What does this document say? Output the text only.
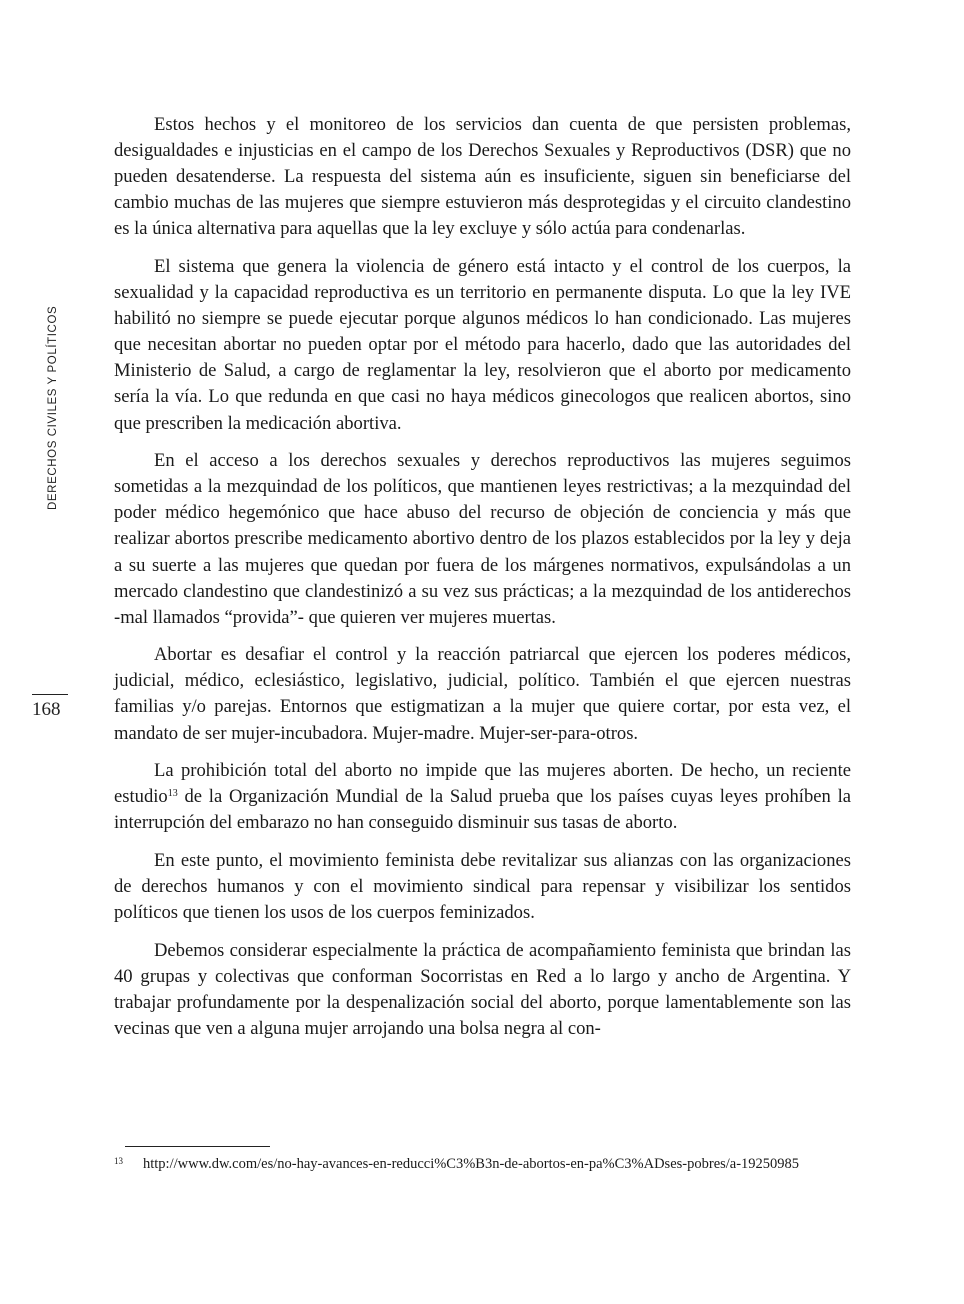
DERECHOS CIVILES Y POLÍTICOS
168

Estos hechos y el monitoreo de los servicios dan cuenta de que persisten problemas, desigualdades e injusticias en el campo de los Derechos Sexuales y Reproductivos (DSR) que no pueden desatenderse. La respuesta del sistema aún es insuficiente, siguen sin beneficiarse del cambio muchas de las mujeres que siempre estuvieron más desprotegidas y el circuito clandestino es la única alternativa para aquellas que la ley excluye y sólo actúa para condenarlas.

El sistema que genera la violencia de género está intacto y el control de los cuerpos, la sexualidad y la capacidad reproductiva es un territorio en permanente disputa. Lo que la ley IVE habilitó no siempre se puede ejecutar porque algunos médicos lo han condicionado. Las mujeres que necesitan abortar no pueden optar por el método para hacerlo, dado que las autoridades del Ministerio de Salud, a cargo de reglamentar la ley, resolvieron que el aborto por medicamento sería la vía. Lo que redunda en que casi no haya médicos ginecologos que realicen abortos, sino que prescriben la medicación abortiva.

En el acceso a los derechos sexuales y derechos reproductivos las mujeres seguimos sometidas a la mezquindad de los políticos, que mantienen leyes restrictivas; a la mezquindad del poder médico hegemónico que hace abuso del recurso de objeción de conciencia y más que realizar abortos prescribe medicamento abortivo dentro de los plazos establecidos por la ley y deja a su suerte a las mujeres que quedan por fuera de los márgenes normativos, expulsándolas a un mercado clandestino que clandestinizó a su vez sus prácticas; a la mezquindad de los antiderechos -mal llamados “provida”- que quieren ver mujeres muertas.

Abortar es desafiar el control y la reacción patriarcal que ejercen los poderes médicos, judicial, médico, eclesiástico, legislativo, judicial, político. También el que ejercen nuestras familias y/o parejas. Entornos que estigmatizan a la mujer que quiere cortar, por esta vez, el mandato de ser mujer-incubadora. Mujer-madre. Mujer-ser-para-otros.

La prohibición total del aborto no impide que las mujeres aborten. De hecho, un reciente estudio$^{13}$ de la Organización Mundial de la Salud prueba que los países cuyas leyes prohíben la interrupción del embarazo no han conseguido disminuir sus tasas de aborto.

En este punto, el movimiento feminista debe revitalizar sus alianzas con las organizaciones de derechos humanos y con el movimiento sindical para repensar y visibilizar los sentidos políticos que tienen los usos de los cuerpos feminizados.

Debemos considerar especialmente la práctica de acompañamiento feminista que brindan las 40 grupas y colectivas que conforman Socorristas en Red a lo largo y ancho de Argentina. Y trabajar profundamente por la despenalización social del aborto, porque lamentablemente son las vecinas que ven a alguna mujer arrojando una bolsa negra al con-

$^{13}$ http://www.dw.com/es/no-hay-avances-en-reducci%C3%B3n-de-abortos-en-pa%C3%ADses-pobres/a-19250985
